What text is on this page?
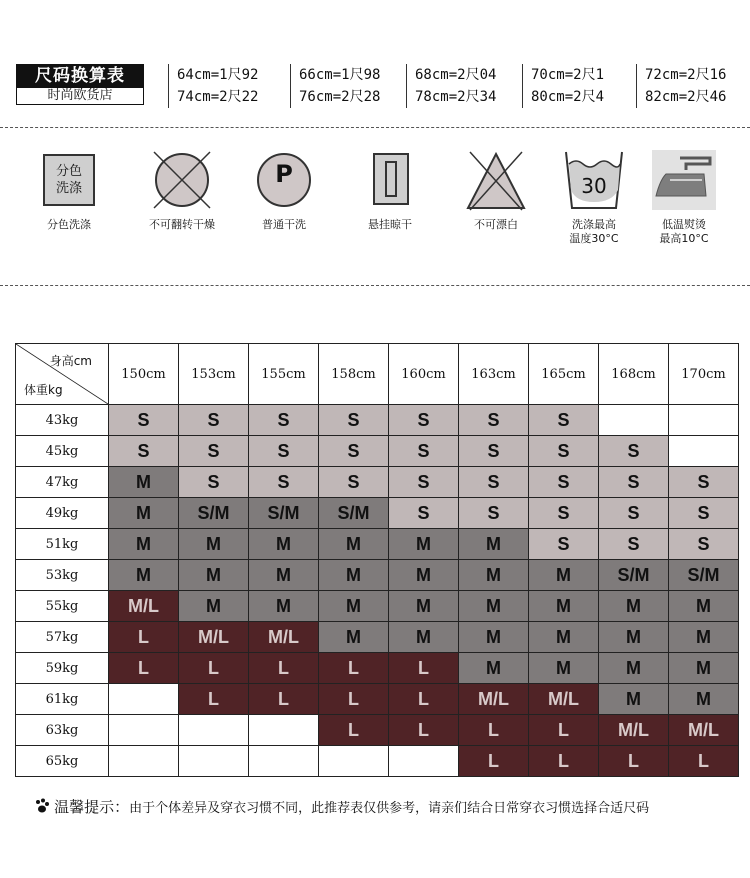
尺码换算表
时尚欧货店
64cm=1尺92	66cm=1尺98	68cm=2尺04	70cm=2尺1	72cm=2尺16
74cm=2尺22	76cm=2尺28	78cm=2尺34	80cm=2尺4	82cm=2尺46
分色
洗涤
分色洗涤	不可翻转干燥
P
普通干洗	悬挂晾干	不可漂白
30
洗涤最高
温度30°C
低温熨烫
最高10°C
身高cm
体重kg	150cm	153cm	155cm	158cm	160cm	163cm	165cm	168cm	170cm
43kg	S	S	S	S	S	S	S		
45kg	S	S	S	S	S	S	S	S	
47kg	M	S	S	S	S	S	S	S	S
49kg	M	S/M	S/M	S/M	S	S	S	S	S
51kg	M	M	M	M	M	M	S	S	S
53kg	M	M	M	M	M	M	M	S/M	S/M
55kg	M/L	M	M	M	M	M	M	M	M
57kg	L	M/L	M/L	M	M	M	M	M	M
59kg	L	L	L	L	L	M	M	M	M
61kg		L	L	L	L	M/L	M/L	M	M
63kg				L	L	L	L	M/L	M/L
65kg						L	L	L	L
温馨提示：由于个体差异及穿衣习惯不同，此推荐表仅供参考，请亲们结合日常穿衣习惯选择合适尺码
